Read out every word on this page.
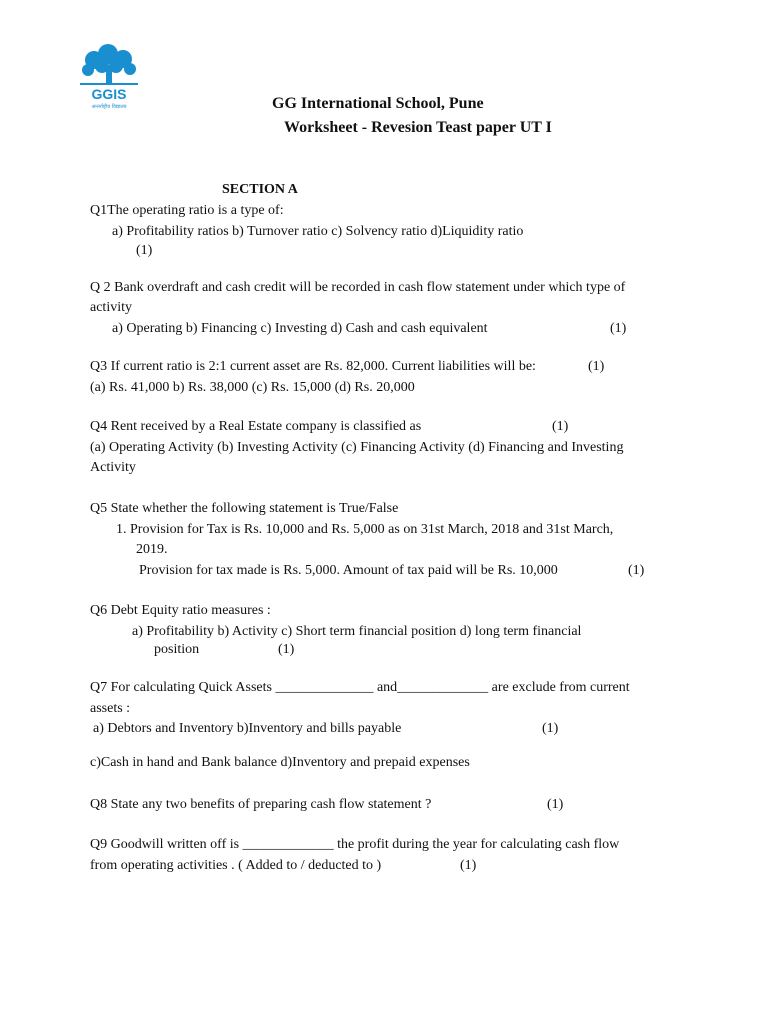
GGIS
अन्तर्राष्ट्रीय विद्यालय	GG International School, Pune
Worksheet - Revesion Teast paper UT I
SECTION A
Q1The operating ratio is a type of:
a) Profitability ratios b) Turnover ratio c) Solvency ratio d)Liquidity ratio
(1)
Q 2 Bank overdraft and cash credit will be recorded in cash flow statement under which type of
activity
a) Operating b) Financing c) Investing d) Cash and cash equivalent	(1)
Q3 If current ratio is 2:1 current asset are Rs. 82,000. Current liabilities will be:	(1)
(a) Rs. 41,000 b) Rs. 38,000 (c) Rs. 15,000 (d) Rs. 20,000
Q4 Rent received by a Real Estate company is classified as	(1)
(a) Operating Activity (b) Investing Activity (c) Financing Activity (d) Financing and Investing
Activity
Q5 State whether the following statement is True/False
1. Provision for Tax is Rs. 10,000 and Rs. 5,000 as on 31st March, 2018 and 31st March,
2019.
Provision for tax made is Rs. 5,000. Amount of tax paid will be Rs. 10,000	(1)
Q6 Debt Equity ratio measures :
a) Profitability b) Activity c) Short term financial position d) long term financial
position	(1)
Q7 For calculating Quick Assets ______________ and_____________ are exclude from current
assets :
a) Debtors and Inventory b)Inventory and bills payable	(1)
c)Cash in hand and Bank balance d)Inventory and prepaid expenses
Q8 State any two benefits of preparing cash flow statement ?	(1)
Q9 Goodwill written off is _____________ the profit during the year for calculating cash flow
from operating activities . ( Added to / deducted to )	(1)
